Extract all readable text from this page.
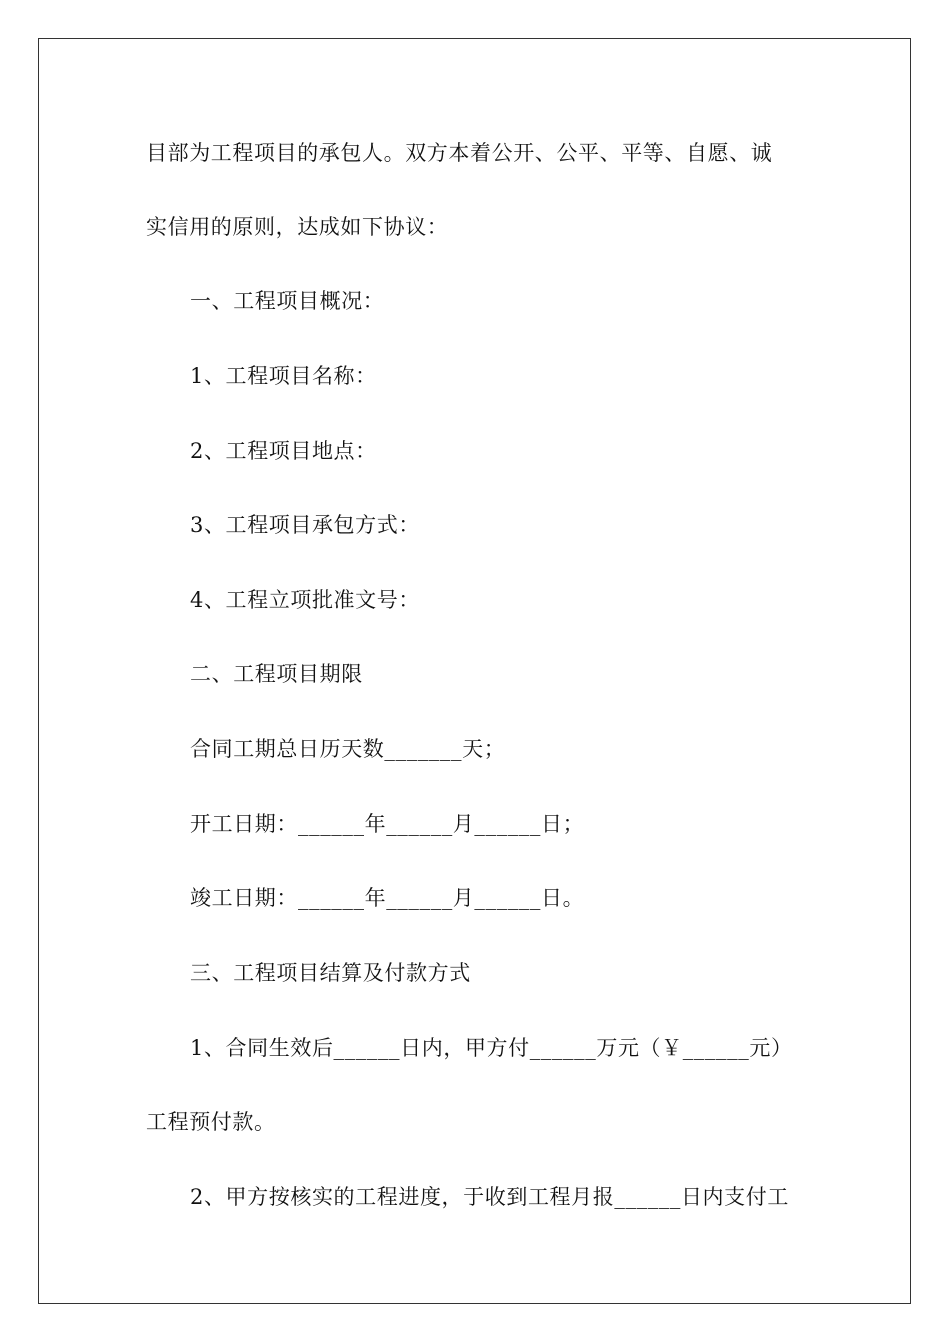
目部为工程项目的承包人。双方本着公开、公平、平等、自愿、诚
实信用的原则，达成如下协议：
一、工程项目概况：
1、工程项目名称：
2、工程项目地点：
3、工程项目承包方式：
4、工程立项批准文号：
二、工程项目期限
合同工期总日历天数_______天；
开工日期：______年______月______日；
竣工日期：______年______月______日。
三、工程项目结算及付款方式
1、合同生效后______日内，甲方付______万元（￥______元）
工程预付款。
2、甲方按核实的工程进度，于收到工程月报______日内支付工
